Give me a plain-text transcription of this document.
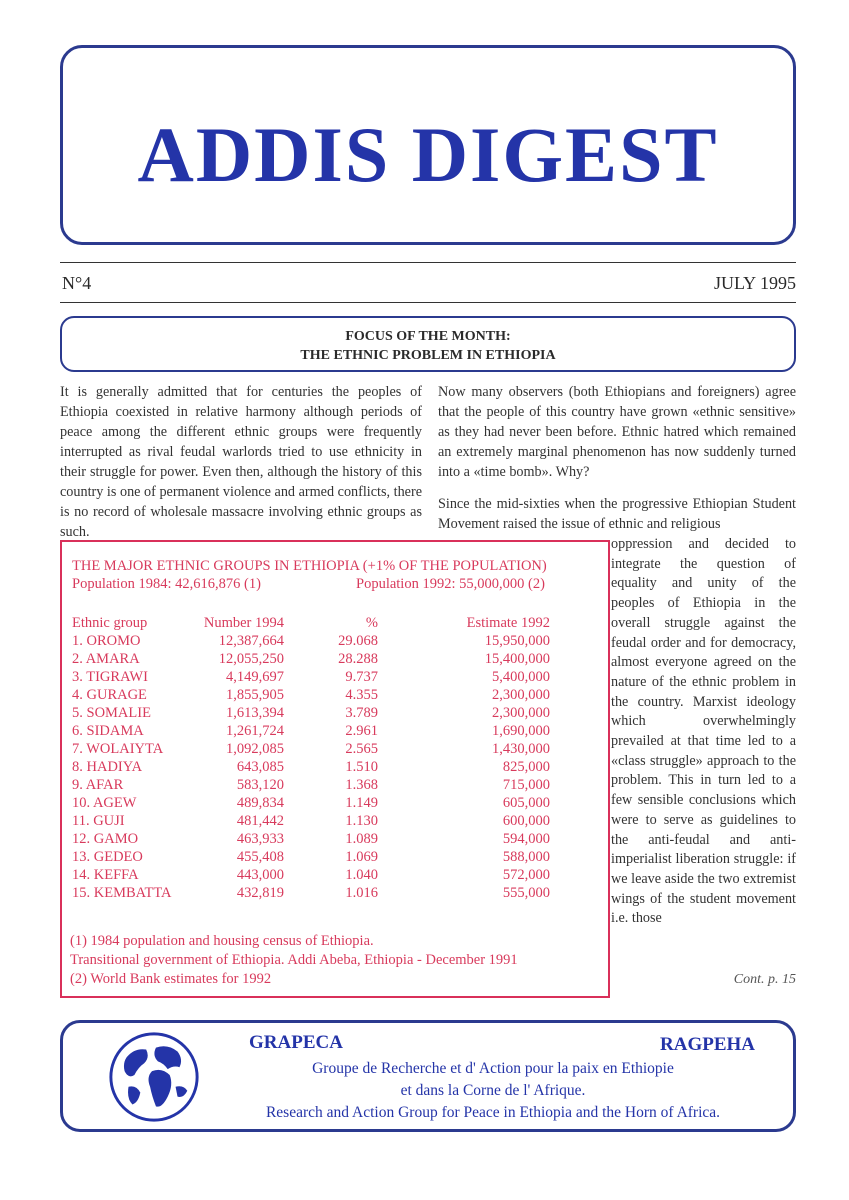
ADDIS DIGEST
N°4	JULY 1995
FOCUS OF THE MONTH:
THE ETHNIC PROBLEM IN ETHIOPIA
It is generally admitted that for centuries the peoples of Ethiopia coexisted in relative harmony although periods of peace among the different ethnic groups were frequently interrupted as rival feudal warlords tried to use ethnicity in their struggle for power. Even then, although the history of this country is one of permanent violence and armed conflicts, there is no record of wholesale massacre involving ethnic groups as such.
Now many observers (both Ethiopians and foreigners) agree that the people of this country have grown «ethnic sensitive» as they had never been before. Ethnic hatred which remained an extremely marginal phenomenon has now suddenly turned into a «time bomb». Why?
Since the mid-sixties when the progressive Ethiopian Student Movement raised the issue of ethnic and religious
oppression and decided to integrate the question of equality and unity of the peoples of Ethiopia in the overall struggle against the feudal order and for democracy, almost everyone agreed on the nature of the ethnic problem in the country. Marxist ideology which overwhelmingly prevailed at that time led to a «class struggle» approach to the problem. This in turn led to a few sensible conclusions which were to serve as guidelines to the anti-feudal and anti-imperialist liberation struggle: if we leave aside the two extremist wings of the student movement i.e. those
Cont. p. 15
THE MAJOR ETHNIC GROUPS IN ETHIOPIA (+1% OF THE POPULATION)
Population 1984: 42,616,876 (1)	Population 1992: 55,000,000 (2)
Ethnic group	Number 1994	%	Estimate 1992
1. OROMO	12,387,664	29.068	15,950,000
2. AMARA	12,055,250	28.288	15,400,000
3. TIGRAWI	4,149,697	9.737	5,400,000
4. GURAGE	1,855,905	4.355	2,300,000
5. SOMALIE	1,613,394	3.789	2,300,000
6. SIDAMA	1,261,724	2.961	1,690,000
7. WOLAIYTA	1,092,085	2.565	1,430,000
8. HADIYA	643,085	1.510	825,000
9. AFAR	583,120	1.368	715,000
10. AGEW	489,834	1.149	605,000
11. GUJI	481,442	1.130	600,000
12. GAMO	463,933	1.089	594,000
13. GEDEO	455,408	1.069	588,000
14. KEFFA	443,000	1.040	572,000
15. KEMBATTA	432,819	1.016	555,000
(1) 1984 population and housing census of Ethiopia.
Transitional government of Ethiopia. Addi Abeba, Ethiopia - December 1991
(2) World Bank estimates for 1992
GRAPECA	RAGPEHA
Groupe de Recherche et d' Action pour la paix en Ethiopie
et dans la Corne de l' Afrique.
Research and Action Group for Peace in Ethiopia and the Horn of Africa.
